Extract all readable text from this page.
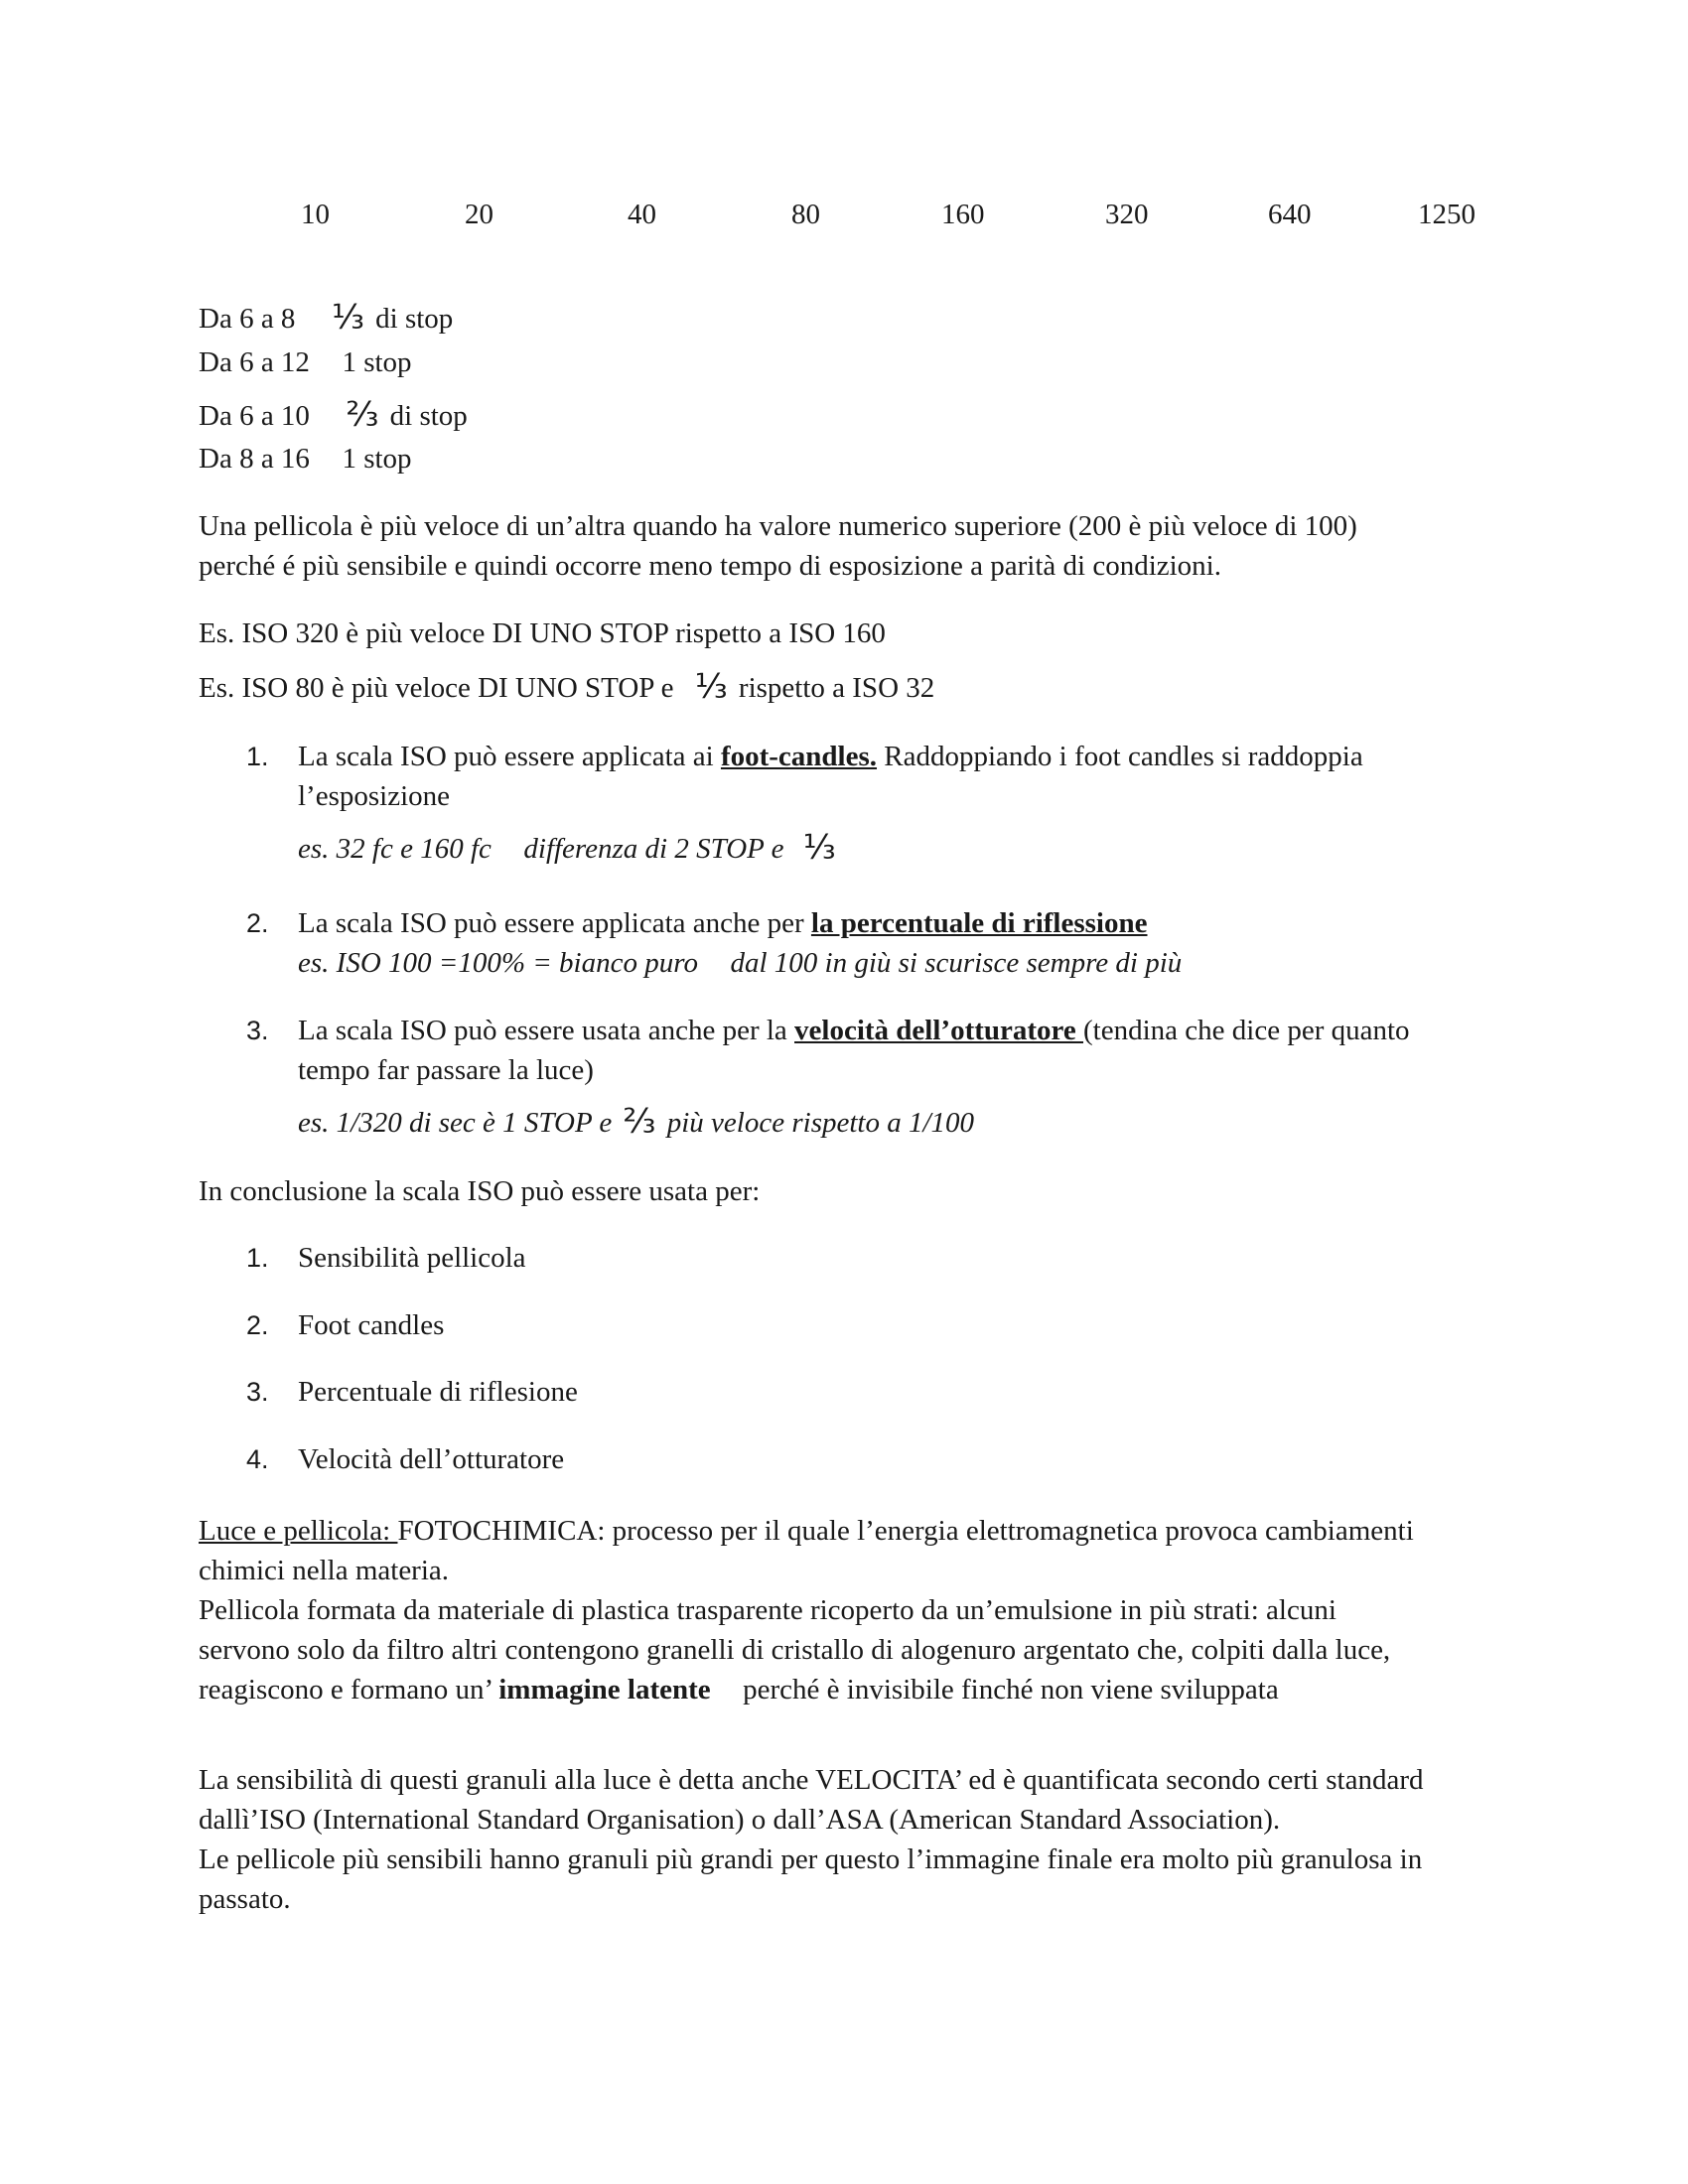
10	20	40	80	160	320	640	1250
Da 6 a 8 ⅓ di stop
Da 6 a 12 1 stop
Da 6 a 10 ⅔ di stop
Da 8 a 16 1 stop
Una pellicola è più veloce di un’altra quando ha valore numerico superiore (200 è più veloce di 100)
perché é più sensibile e quindi occorre meno tempo di esposizione a parità di condizioni.
Es. ISO 320 è più veloce DI UNO STOP rispetto a ISO 160
Es. ISO 80 è più veloce DI UNO STOP e ⅓ rispetto a ISO 32
1. La scala ISO può essere applicata ai foot-candles. Raddoppiando i foot candles si raddoppia
l’esposizione
es. 32 fc e 160 fc differenza di 2 STOP e ⅓
2. La scala ISO può essere applicata anche per la percentuale di riflessione
es. ISO 100 =100% = bianco puro dal 100 in giù si scurisce sempre di più
3. La scala ISO può essere usata anche per la velocità dell’otturatore (tendina che dice per quanto
tempo far passare la luce)
es. 1/320 di sec è 1 STOP e ⅔ più veloce rispetto a 1/100
In conclusione la scala ISO può essere usata per:
1. Sensibilità pellicola
2. Foot candles
3. Percentuale di riflesione
4. Velocità dell’otturatore
Luce e pellicola: FOTOCHIMICA: processo per il quale l’energia elettromagnetica provoca cambiamenti
chimici nella materia.
Pellicola formata da materiale di plastica trasparente ricoperto da un’emulsione in più strati: alcuni
servono solo da filtro altri contengono granelli di cristallo di alogenuro argentato che, colpiti dalla luce,
reagiscono e formano un’ immagine latente perché è invisibile finché non viene sviluppata
La sensibilità di questi granuli alla luce è detta anche VELOCITA’ ed è quantificata secondo certi standard
dallì’ISO (International Standard Organisation) o dall’ASA (American Standard Association).
Le pellicole più sensibili hanno granuli più grandi per questo l’immagine finale era molto più granulosa in
passato.
